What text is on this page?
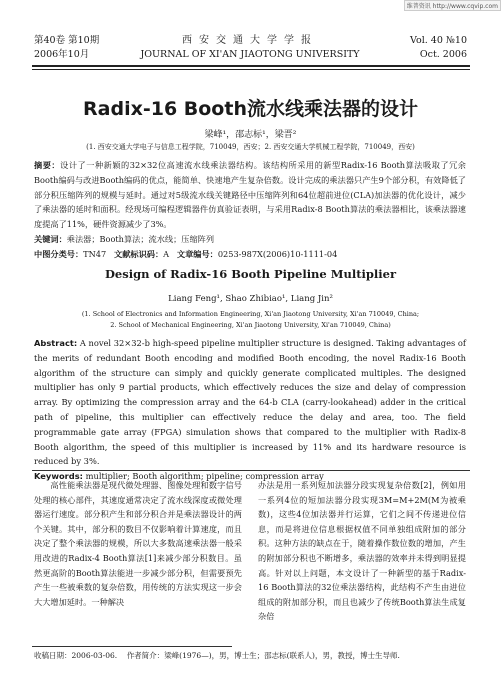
维普资讯 http://www.cqvip.com
第40卷 第10期
2006年10月
西安交通大学学报
JOURNAL OF XI'AN JIAOTONG UNIVERSITY
Vol. 40 №10
Oct. 2006
Radix-16 Booth流水线乘法器的设计
梁峰¹，邵志标¹，梁晋²
(1. 西安交通大学电子与信息工程学院，710049，西安；2. 西安交通大学机械工程学院，710049，西安)
摘要：设计了一种新颖的32×32位高速流水线乘法器结构。该结构所采用的新型Radix-16 Booth算法吸取了冗余Booth编码与改进Booth编码的优点，能简单、快速地产生复杂倍数。设计完成的乘法器只产生9个部分积，有效降低了部分积压缩阵列的规模与延时。通过对5级流水线关键路径中压缩阵列和64位超前进位(CLA)加法器的优化设计，减少了乘法器的延时和面积。经现场可编程逻辑器件仿真验证表明，与采用Radix-8 Booth算法的乘法器相比，该乘法器速度提高了11%，硬件资源减少了3%。
关键词：乘法器；Booth算法；流水线；压缩阵列
中图分类号：TN47 文献标识码：A 文章编号：0253-987X(2006)10-1111-04
Design of Radix-16 Booth Pipeline Multiplier
Liang Feng¹, Shao Zhibiao¹, Liang Jin²
(1. School of Electronics and Information Engineering, Xi'an Jiaotong University, Xi'an 710049, China;
2. School of Mechanical Engineering, Xi'an Jiaotong University, Xi'an 710049, China)
Abstract: A novel 32×32-b high-speed pipeline multiplier structure is designed. Taking advantages of the merits of redundant Booth encoding and modified Booth encoding, the novel Radix-16 Booth algorithm of the structure can simply and quickly generate complicated multiples. The designed multiplier has only 9 partial products, which effectively reduces the size and delay of compression array. By optimizing the compression array and the 64-b CLA (carry-lookahead) adder in the critical path of pipeline, this multiplier can effectively reduce the delay and area, too. The field programmable gate array (FPGA) simulation shows that compared to the multiplier with Radix-8 Booth algorithm, the speed of this multiplier is increased by 11% and its hardware resource is reduced by 3%.
Keywords: multiplier; Booth algorithm; pipeline; compression array

高性能乘法器是现代微处理器、图像处理和数字信号处理的核心部件，其速度通常决定了流水线深度或微处理器运行速度。部分积产生和部分积合并是乘法器设计的两个关键。其中，部分积的数目不仅影响着计算速度，而且决定了整个乘法器的规模，所以大多数高速乘法器一般采用改进的Radix-4 Booth算法[1]来减少部分积数目。虽然更高阶的Booth算法能进一步减少部分积，但需要预先产生一些被乘数的复杂倍数，用传统的方法实现这一步会大大增加延时。一种解决

办法是用一系列短加法器分段实现复杂倍数[2]，例如用一系列4位的短加法器分段实现3M=M+2M(M为被乘数)，这些4位加法器并行运算，它们之间不传递进位信息，而是将进位信息根据权值不同单独组成附加的部分积。这种方法的缺点在于，随着操作数位数的增加，产生的附加部分积也不断增多，乘法器的效率并未得到明显提高。针对以上问题，本文设计了一种新型的基于Radix-16 Booth算法的32位乘法器结构，此结构不产生由进位组成的附加部分积，而且也减少了传统Booth算法生成复杂倍

收稿日期：2006-03-06. 作者简介：梁峰(1976—)，男，博士生；邵志标(联系人)，男，教授，博士生导师.
